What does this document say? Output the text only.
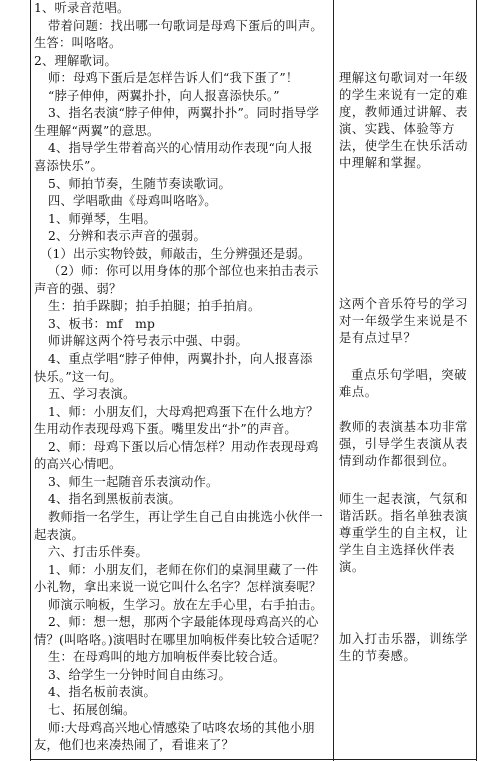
1、听录音范唱。
带着问题：找出哪一句歌词是母鸡下蛋后的叫声。
生答：叫咯咯。
2、理解歌词。
师：母鸡下蛋后是怎样告诉人们“我下蛋了”！
“脖子伸伸，两翼扑扑，向人报喜添快乐。”
3、指名表演“脖子伸伸，两翼扑扑”。同时指导学
生理解“两翼”的意思。
4、指导学生带着高兴的心情用动作表现“向人报
喜添快乐”。
5、师拍节奏，生随节奏读歌词。
四、学唱歌曲《母鸡叫咯咯》。
1、师弹琴，生唱。
2、分辨和表示声音的强弱。
（1）出示实物铃鼓，师敲击，生分辨强还是弱。
（2）师：你可以用身体的那个部位也来拍击表示
声音的强、弱？
生：拍手跺脚；拍手拍腿；拍手拍肩。
3、板书：mf　mp
师讲解这两个符号表示中强、中弱。
4、重点学唱“脖子伸伸，两翼扑扑，向人报喜添
快乐。”这一句。
五、学习表演。
1、师：小朋友们，大母鸡把鸡蛋下在什么地方？
生用动作表现母鸡下蛋。嘴里发出“扑”的声音。
2、师：母鸡下蛋以后心情怎样？用动作表现母鸡
的高兴心情吧。
3、师生一起随音乐表演动作。
4、指名到黑板前表演。
教师指一名学生，再让学生自己自由挑选小伙伴一
起表演。
六、打击乐伴奏。
1、师：小朋友们，老师在你们的桌洞里藏了一件
小礼物，拿出来说一说它叫什么名字？怎样演奏呢？
师演示响板，生学习。放在左手心里，右手拍击。
2、师：想一想，那两个字最能体现母鸡高兴的心
情？(叫咯咯。)演唱时在哪里加响板伴奏比较合适呢？
生：在母鸡叫的地方加响板伴奏比较合适。
3、给学生一分钟时间自由练习。
4、指名板前表演。
七、拓展创编。
师:大母鸡高兴地心情感染了咕咚农场的其他小朋
友，他们也来凑热闹了，看谁来了？
理解这句歌词对一年级的学生来说有一定的难度，教师通过讲解、表演、实践、体验等方法，使学生在快乐活动中理解和掌握。
这两个音乐符号的学习对一年级学生来说是不是有点过早？
重点乐句学唱，突破难点。
教师的表演基本功非常强，引导学生表演从表情到动作都很到位。
师生一起表演，气氛和谐活跃。指名单独表演尊重学生的自主权，让学生自主选择伙伴表演。
加入打击乐器，训练学生的节奏感。
